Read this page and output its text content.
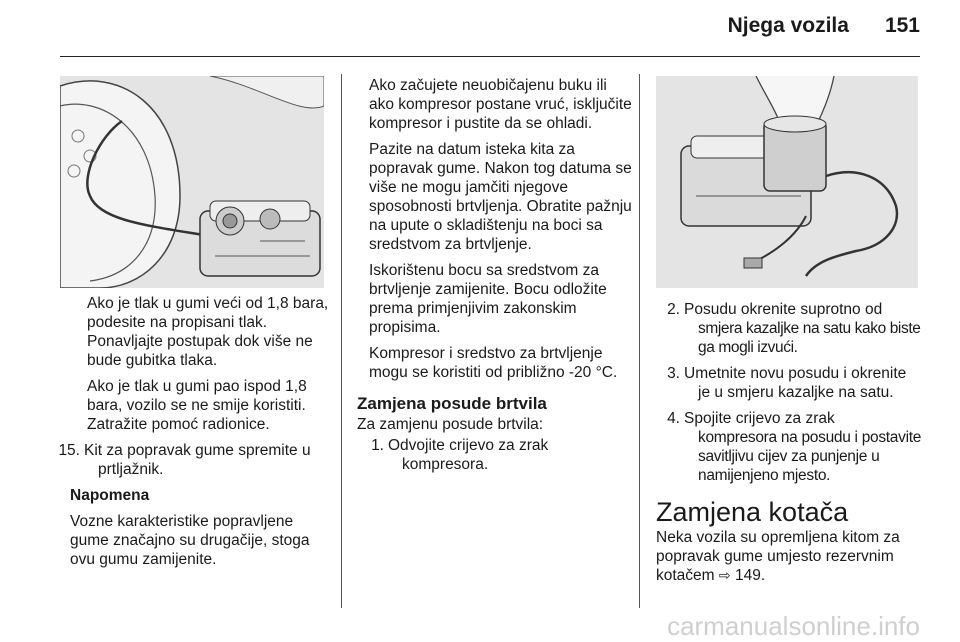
Njega vozila 151

Ako je tlak u gumi veći od 1,8 bara, podesite na propisani tlak. Ponavljajte postupak dok više ne bude gubitka tlaka.

Ako je tlak u gumi pao ispod 1,8 bara, vozilo se ne smije koristiti. Zatražite pomoć radionice.

15. Kit za popravak gume spremite u
prtljažnik.

Napomena

Vozne karakteristike popravljene gume značajno su drugačije, stoga ovu gumu zamijenite.

Ako začujete neuobičajenu buku ili ako kompresor postane vruć, isključite kompresor i pustite da se ohladi.

Pazite na datum isteka kita za popravak gume. Nakon tog datuma se više ne mogu jamčiti njegove sposobnosti brtvljenja. Obratite pažnju na upute o skladištenju na boci sa sredstvom za brtvljenje.

Iskorištenu bocu sa sredstvom za brtvljenje zamijenite. Bocu odložite prema primjenjivim zakonskim propisima.

Kompresor i sredstvo za brtvljenje mogu se koristiti od približno -20 °C.

Zamjena posude brtvila

Za zamjenu posude brtvila:

1. Odvojite crijevo za zrak
kompresora.
2. Posudu okrenite suprotno od
smjera kazaljke na satu kako biste ga mogli izvući.
3. Umetnite novu posudu i okrenite
je u smjeru kazaljke na satu.
4. Spojite crijevo za zrak
kompresora na posudu i postavite savitljivu cijev za punjenje u namijenjeno mjesto.
Zamjena kotača

Neka vozila su opremljena kitom za popravak gume umjesto rezervnim kotačem ⇨ 149.

carmanualsonline.info
